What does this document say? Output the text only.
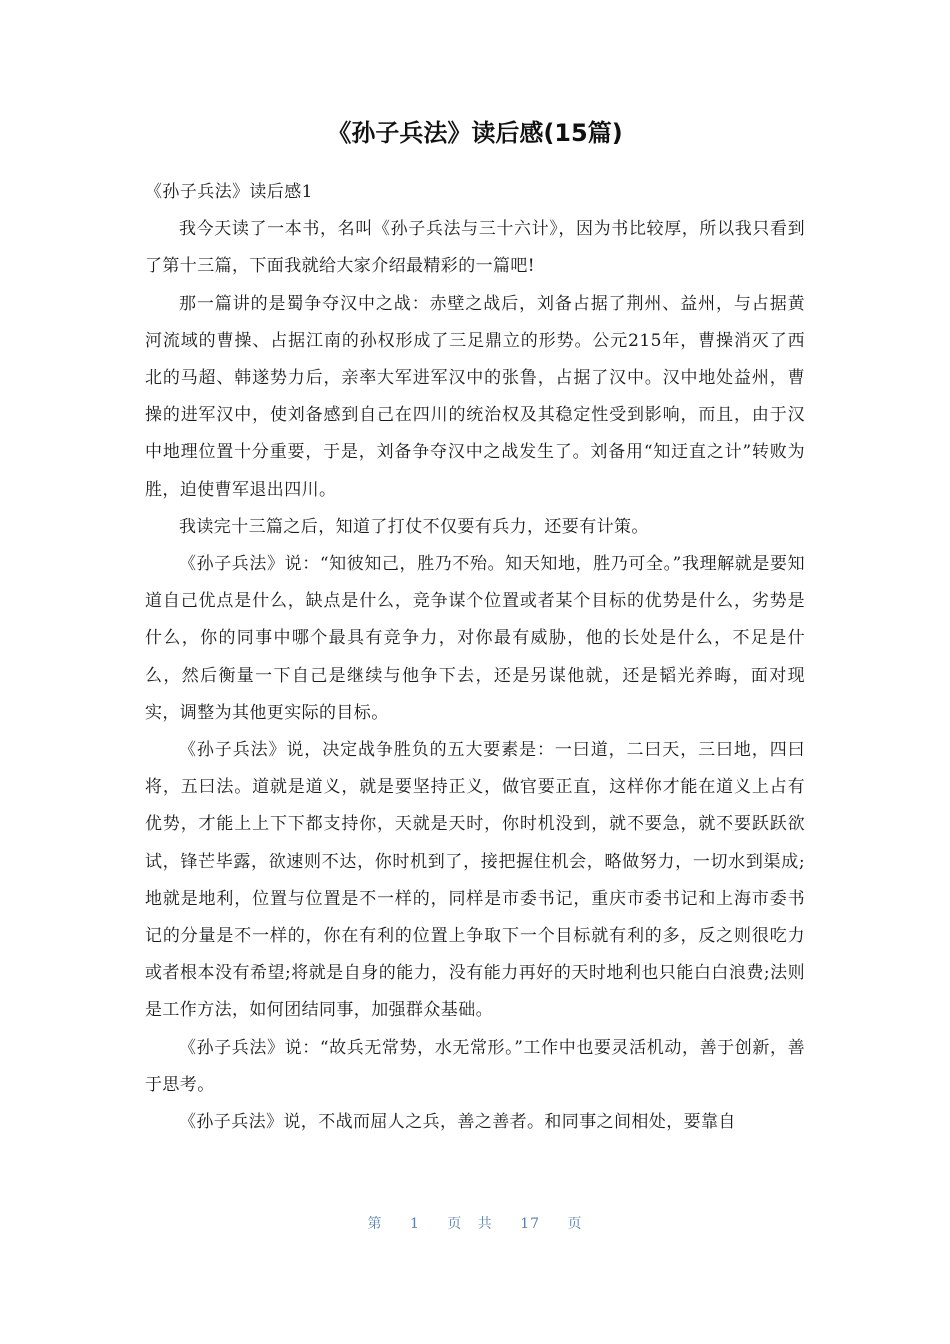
《孙子兵法》读后感(15篇)

《孙子兵法》读后感1

我今天读了一本书，名叫《孙子兵法与三十六计》，因为书比较厚，所以我只看到了第十三篇，下面我就给大家介绍最精彩的一篇吧!

那一篇讲的是蜀争夺汉中之战：赤壁之战后，刘备占据了荆州、益州，与占据黄河流域的曹操、占据江南的孙权形成了三足鼎立的形势。公元215年，曹操消灭了西北的马超、韩遂势力后，亲率大军进军汉中的张鲁，占据了汉中。汉中地处益州，曹操的进军汉中，使刘备感到自己在四川的统治权及其稳定性受到影响，而且，由于汉中地理位置十分重要，于是，刘备争夺汉中之战发生了。刘备用“知迂直之计”转败为胜，迫使曹军退出四川。

我读完十三篇之后，知道了打仗不仅要有兵力，还要有计策。

《孙子兵法》说：“知彼知己，胜乃不殆。知天知地，胜乃可全。”我理解就是要知道自己优点是什么，缺点是什么，竞争谋个位置或者某个目标的优势是什么，劣势是什么，你的同事中哪个最具有竞争力，对你最有威胁，他的长处是什么，不足是什么，然后衡量一下自己是继续与他争下去，还是另谋他就，还是韬光养晦，面对现实，调整为其他更实际的目标。

《孙子兵法》说，决定战争胜负的五大要素是：一曰道，二曰天，三曰地，四曰将，五曰法。道就是道义，就是要坚持正义，做官要正直，这样你才能在道义上占有优势，才能上上下下都支持你，天就是天时，你时机没到，就不要急，就不要跃跃欲试，锋芒毕露，欲速则不达，你时机到了，接把握住机会，略做努力，一切水到渠成;地就是地利，位置与位置是不一样的，同样是市委书记，重庆市委书记和上海市委书记的分量是不一样的，你在有利的位置上争取下一个目标就有利的多，反之则很吃力或者根本没有希望;将就是自身的能力，没有能力再好的天时地利也只能白白浪费;法则是工作方法，如何团结同事，加强群众基础。

《孙子兵法》说：“故兵无常势，水无常形。”工作中也要灵活机动，善于创新，善于思考。

《孙子兵法》说，不战而屈人之兵，善之善者。和同事之间相处，要靠自

第 1 页 共 17 页
